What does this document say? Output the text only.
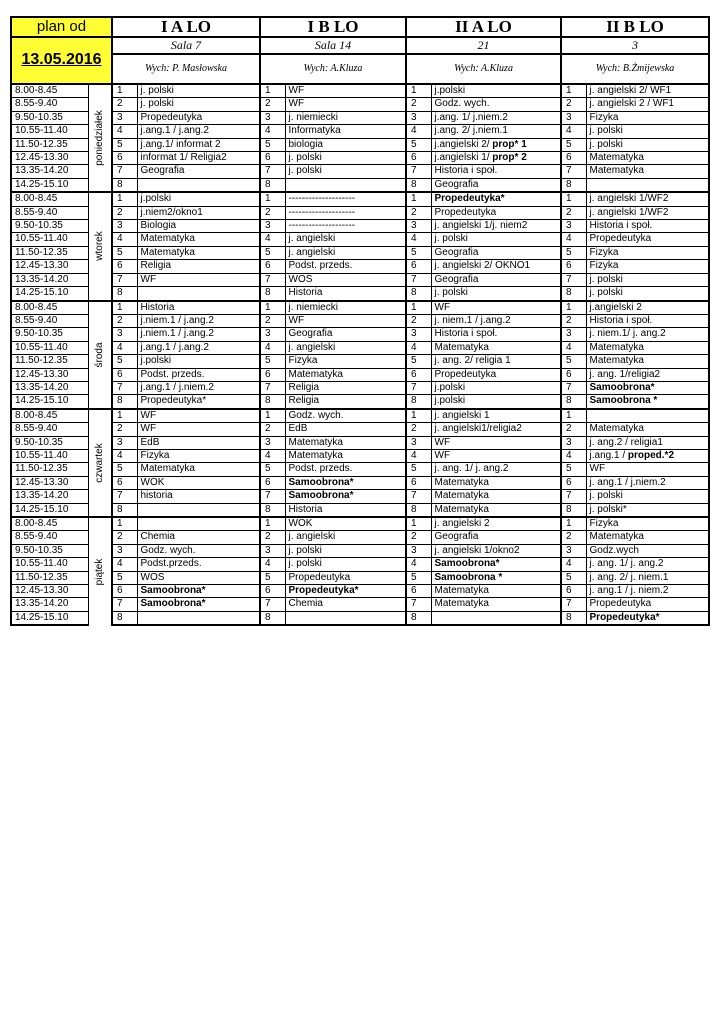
plan od		I A LO		I B LO		II A LO		II B LO	
13.05.2016		Sala 7		Sala 14		21		3	
		Wych: P. Masłowska		Wych: A.Kluza		Wych: A.Kluza		Wych: B.Żmijewska	
8.00-8.45	poniedziałek	1	j. polski	1	WF	1	j.polski	1	j. angielski 2/ WF1
8.55-9.40		2	j. polski	2	WF	2	Godz. wych.	2	j. angielski 2 / WF1
9.50-10.35		3	Propedeutyka	3	j. niemiecki	3	j.ang. 1/ j.niem.2	3	Fizyka
10.55-11.40		4	j.ang.1 / j.ang.2	4	Informatyka	4	j.ang. 2/ j.niem.1	4	j. polski
11.50-12.35		5	j.ang.1/ informat 2	5	biologia	5	j.angielski 2/ prop* 1	5	j. polski
12.45-13.30		6	informat 1/ Religia2	6	j. polski	6	j.angielski 1/ prop* 2	6	Matematyka
13.35-14.20		7	Geografia	7	j. polski	7	Historia i społ.	7	Matematyka
14.25-15.10		8		8		8	Geografia	8	
8.00-8.45	wtorek	1	j.polski	1	--------------------	1	Propedeutyka*	1	j. angielski 1/WF2
8.55-9.40		2	j.niem2/okno1	2	--------------------	2	Propedeutyka	2	j. angielski 1/WF2
9.50-10.35		3	Biologia	3	--------------------	3	j. angielski 1/j. niem2	3	Historia i społ.
10.55-11.40		4	Matematyka	4	j. angielski	4	j. polski	4	Propedeutyka
11.50-12.35		5	Matematyka	5	j. angielski	5	Geografia	5	Fizyka
12.45-13.30		6	Religia	6	Podst. przeds.	6	j. angielski 2/ OKNO1	6	Fizyka
13.35-14.20		7	WF	7	WOS	7	Geografia	7	j. polski
14.25-15.10		8		8	Historia	8	j. polski	8	j. polski
8.00-8.45	środa	1	Historia	1	j. niemiecki	1	WF	1	j.angielski 2
8.55-9.40		2	j.niem.1 / j.ang.2	2	WF	2	j. niem.1 / j.ang.2	2	Historia i społ.
9.50-10.35		3	j.niem.1 / j.ang.2	3	Geografia	3	Historia i społ.	3	j. niem.1/ j. ang.2
10.55-11.40		4	j.ang.1 / j.ang.2	4	j. angielski	4	Matematyka	4	Matematyka
11.50-12.35		5	j.polski	5	Fizyka	5	j. ang. 2/ religia 1	5	Matematyka
12.45-13.30		6	Podst. przeds.	6	Matematyka	6	Propedeutyka	6	j. ang. 1/religia2
13.35-14.20		7	j.ang.1 / j.niem.2	7	Religia	7	j.polski	7	Samoobrona*
14.25-15.10		8	Propedeutyka*	8	Religia	8	j.polski	8	Samoobrona *
8.00-8.45	czwartek	1	WF	1	Godz. wych.	1	j. angielski 1	1	
8.55-9.40		2	WF	2	EdB	2	j. angielski1/religia2	2	Matematyka
9.50-10.35		3	EdB	3	Matematyka	3	WF	3	j. ang.2 / religia1
10.55-11.40		4	Fizyka	4	Matematyka	4	WF	4	j.ang.1 / proped.*2
11.50-12.35		5	Matematyka	5	Podst. przeds.	5	j. ang. 1/ j. ang.2	5	WF
12.45-13.30		6	WOK	6	Samoobrona*	6	Matematyka	6	j. ang.1 / j.niem.2
13.35-14.20		7	historia	7	Samoobrona*	7	Matematyka	7	j. polski
14.25-15.10		8		8	Historia	8	Matematyka	8	j. polski*
8.00-8.45	piątek	1		1	WOK	1	j. angielski 2	1	Fizyka
8.55-9.40		2	Chemia	2	j. angielski	2	Geografia	2	Matematyka
9.50-10.35		3	Godz. wych.	3	j. polski	3	j. angielski 1/okno2	3	Godz.wych
10.55-11.40		4	Podst.przeds.	4	j. polski	4	Samoobrona*	4	j. ang. 1/ j. ang.2
11.50-12.35		5	WOS	5	Propedeutyka	5	Samoobrona *	5	j. ang. 2/ j. niem.1
12.45-13.30		6	Samoobrona*	6	Propedeutyka*	6	Matematyka	6	j. ang.1 / j. niem.2
13.35-14.20		7	Samoobrona*	7	Chemia	7	Matematyka	7	Propedeutyka
14.25-15.10		8		8		8		8	Propedeutyka*
